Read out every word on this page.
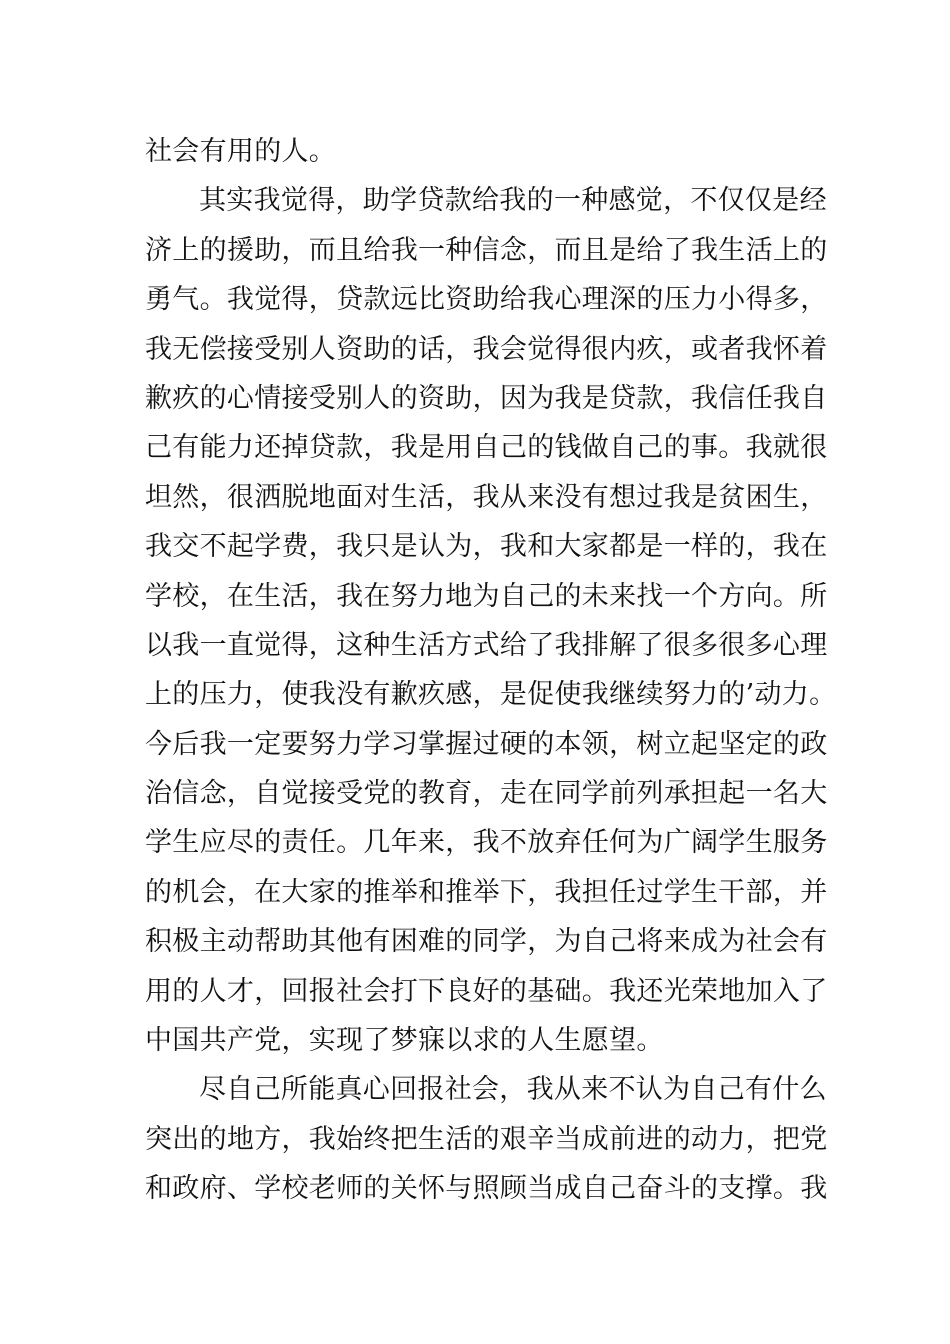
社会有用的人。
其实我觉得，助学贷款给我的一种感觉，不仅仅是经
济上的援助，而且给我一种信念，而且是给了我生活上的
勇气。我觉得，贷款远比资助给我心理深的压力小得多，
我无偿接受别人资助的话，我会觉得很内疚，或者我怀着
歉疚的心情接受别人的资助，因为我是贷款，我信任我自
己有能力还掉贷款，我是用自己的钱做自己的事。我就很
坦然，很洒脱地面对生活，我从来没有想过我是贫困生，
我交不起学费，我只是认为，我和大家都是一样的，我在
学校，在生活，我在努力地为自己的未来找一个方向。所
以我一直觉得，这种生活方式给了我排解了很多很多心理
上的压力，使我没有歉疚感，是促使我继续努力的’动力。
今后我一定要努力学习掌握过硬的本领，树立起坚定的政
治信念，自觉接受党的教育，走在同学前列承担起一名大
学生应尽的责任。几年来，我不放弃任何为广阔学生服务
的机会，在大家的推举和推举下，我担任过学生干部，并
积极主动帮助其他有困难的同学，为自己将来成为社会有
用的人才，回报社会打下良好的基础。我还光荣地加入了
中国共产党，实现了梦寐以求的人生愿望。
尽自己所能真心回报社会，我从来不认为自己有什么
突出的地方，我始终把生活的艰辛当成前进的动力，把党
和政府、学校老师的关怀与照顾当成自己奋斗的支撑。我
